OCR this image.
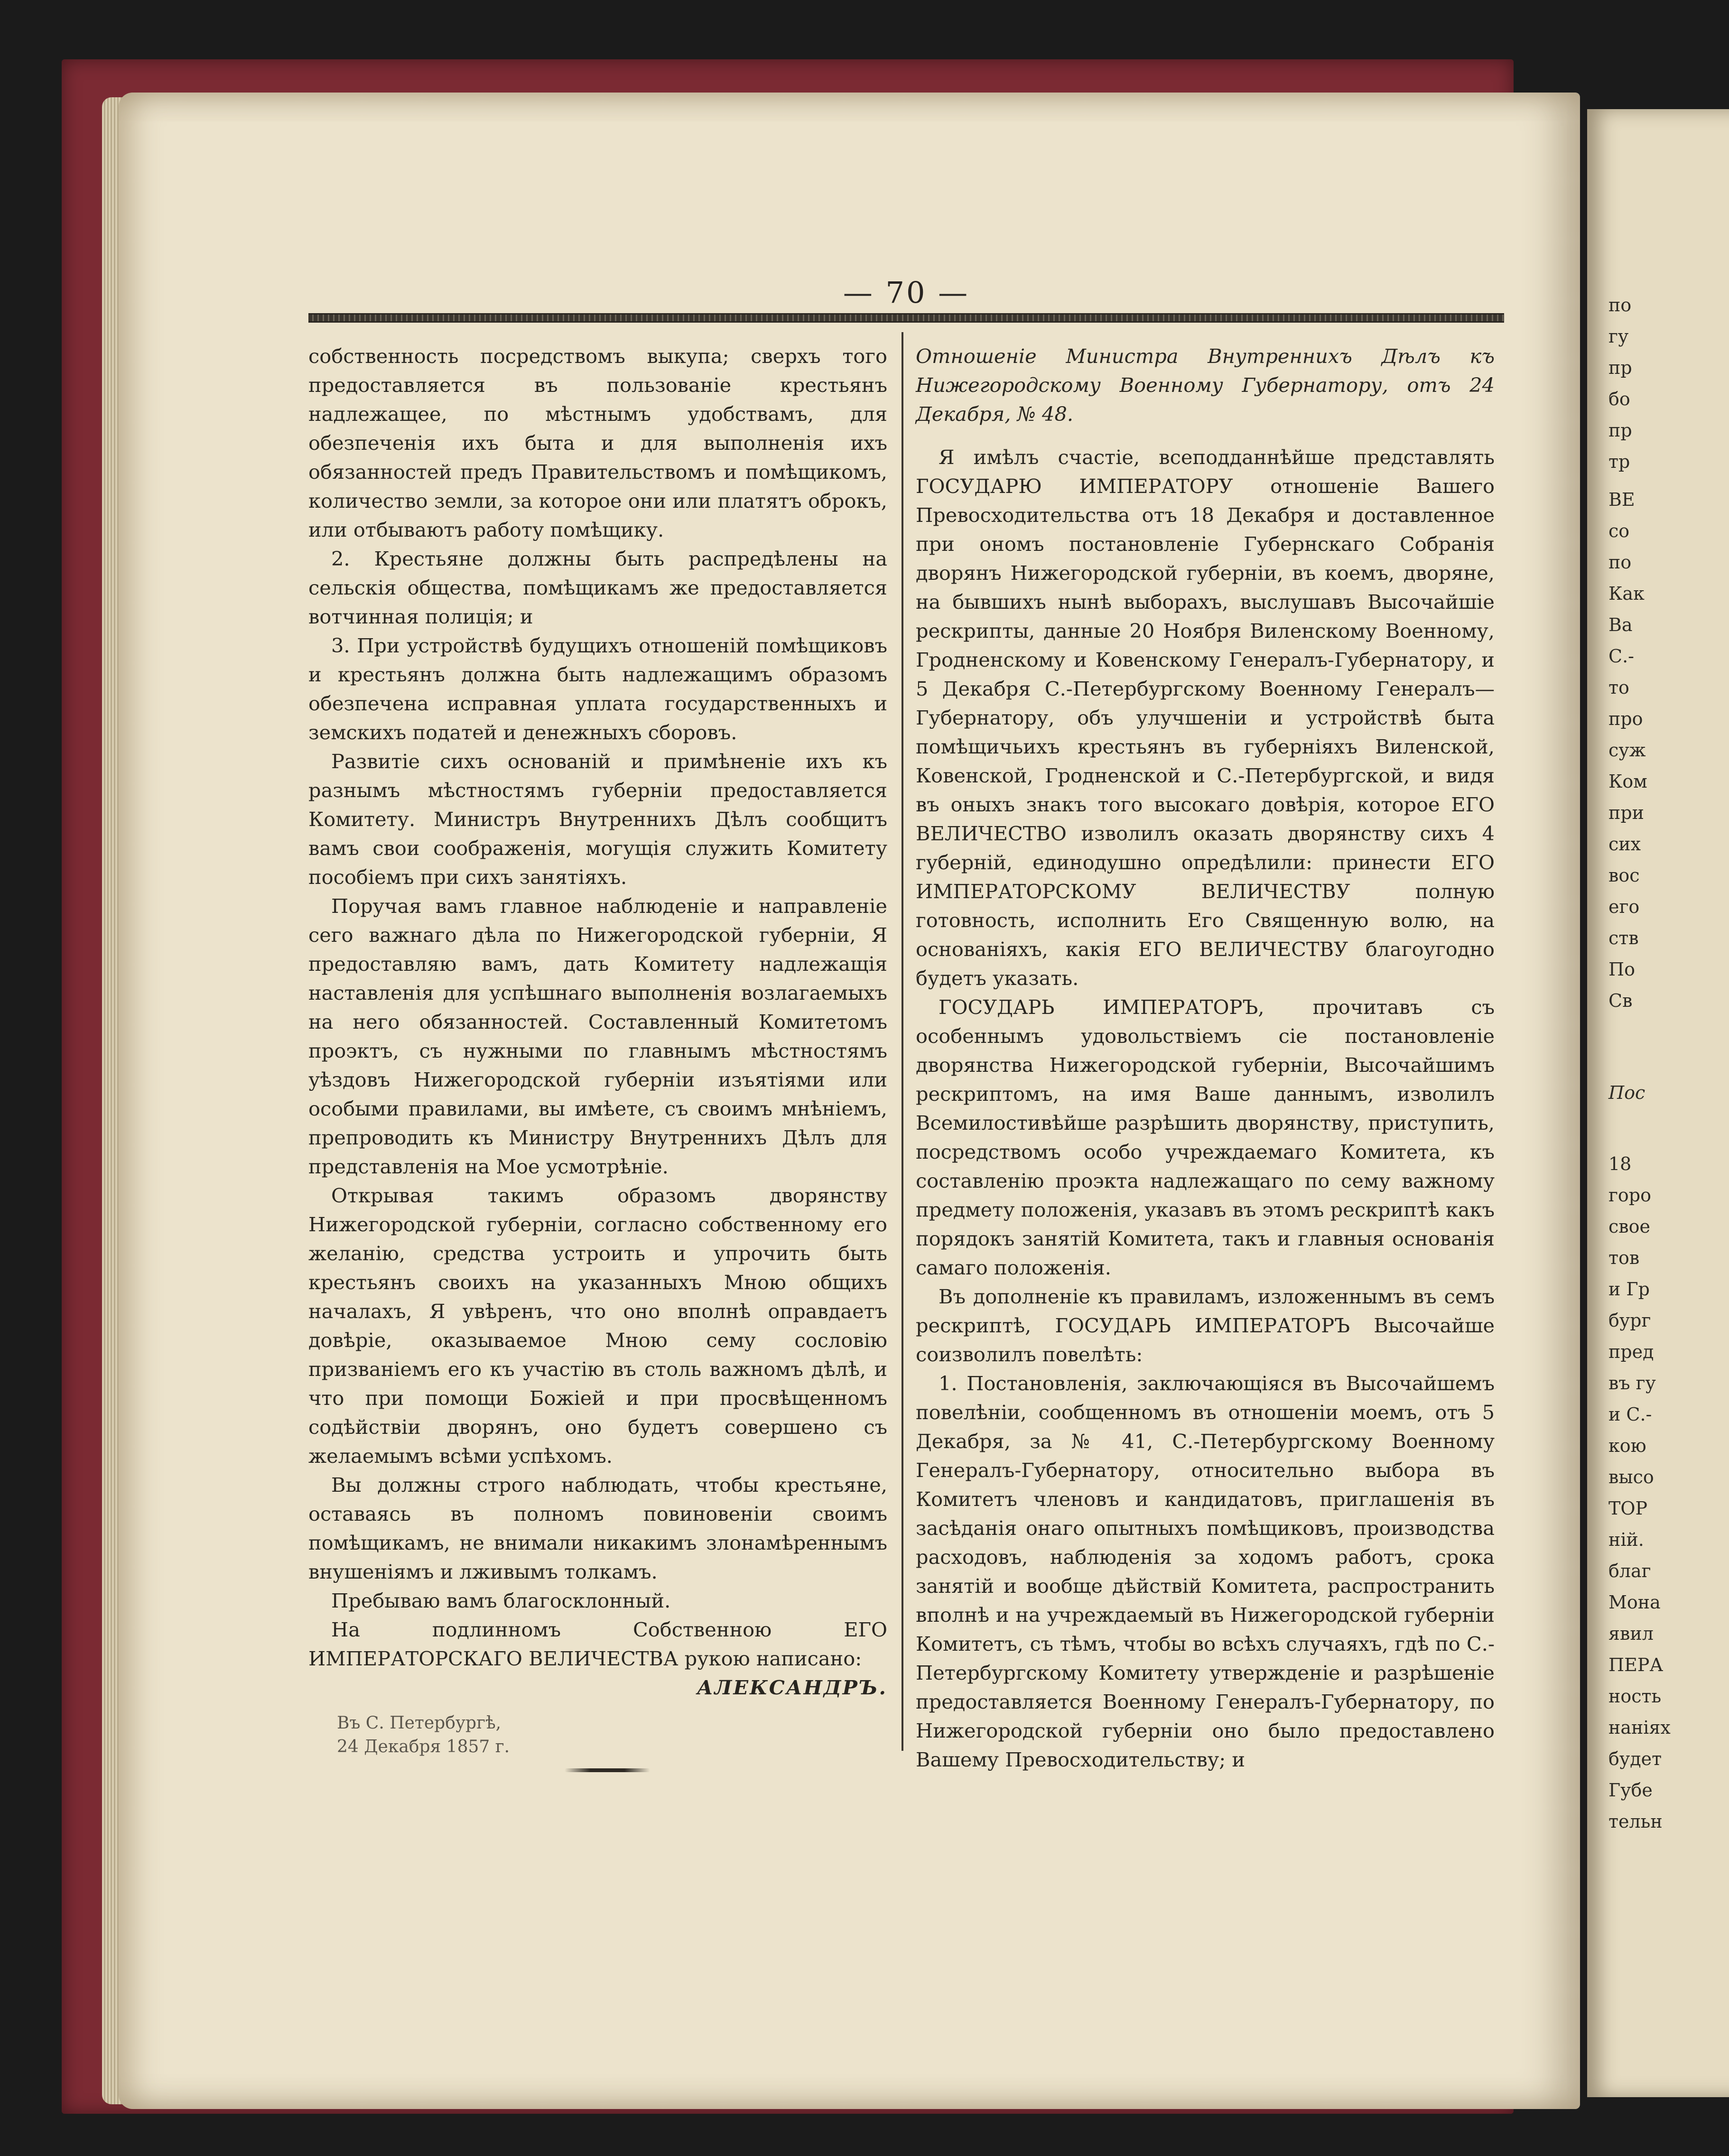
по
гу
пр
бо
пр
тр
ВЕ
со
по
Как
Ва
С.-
то
про
суж
Ком
при
сих
вос
его
ств
По
Св
Пос
18
горо
свое
тов
и Гр
бург
пред
въ гу
и С.-
кою
высо
ТОР
ній.
благ
Мона
явил
ПЕРА
ность
наніях
будет
Губе
тельн
— 70 —

собственность посредствомъ выкупа; сверхъ того предоставляется въ пользованіе крестьянъ надлежащее, по мѣстнымъ удобствамъ, для обезпеченія ихъ быта и для выполненія ихъ обязанностей предъ Правительствомъ и помѣщикомъ, количество земли, за которое они или платятъ оброкъ, или отбываютъ работу помѣщику.

2. Крестьяне должны быть распредѣлены на сельскія общества, помѣщикамъ же предоставляется вотчинная полиція; и

3. При устройствѣ будущихъ отношеній помѣщиковъ и крестьянъ должна быть надлежащимъ образомъ обезпечена исправная уплата государственныхъ и земскихъ податей и денежныхъ сборовъ.

Развитіе сихъ основаній и примѣненіе ихъ къ разнымъ мѣстностямъ губерніи предоставляется Комитету. Министръ Внутреннихъ Дѣлъ сообщитъ вамъ свои соображенія, могущія служить Комитету пособіемъ при сихъ занятіяхъ.

Поручая вамъ главное наблюденіе и направленіе сего важнаго дѣла по Нижегородской губерніи, Я предоставляю вамъ, дать Комитету надлежащія наставленія для успѣшнаго выполненія возлагаемыхъ на него обязанностей. Составленный Комитетомъ проэктъ, съ нужными по главнымъ мѣстностямъ уѣздовъ Нижегородской губерніи изъятіями или особыми правилами, вы имѣете, съ своимъ мнѣніемъ, препроводить къ Министру Внутреннихъ Дѣлъ для представленія на Мое усмотрѣніе.

Открывая такимъ образомъ дворянству Нижегородской губерніи, согласно собственному его желанію, средства устроить и упрочить быть крестьянъ своихъ на указанныхъ Мною общихъ началахъ, Я увѣренъ, что оно вполнѣ оправдаетъ довѣріе, оказываемое Мною сему сословію призваніемъ его къ участію въ столь важномъ дѣлѣ, и что при помощи Божіей и при просвѣщенномъ содѣйствіи дворянъ, оно будетъ совершено съ желаемымъ всѣми успѣхомъ.

Вы должны строго наблюдать, чтобы крестьяне, оставаясь въ полномъ повиновеніи своимъ помѣщикамъ, не внимали никакимъ злонамѣреннымъ внушеніямъ и лживымъ толкамъ.

Пребываю вамъ благосклонный.

На подлинномъ Собственною ЕГО ИМПЕРАТОРСКАГО ВЕЛИЧЕСТВА рукою написано:

АЛЕКСАНДРЪ.

Въ С. Петербургѣ,

24 Декабря 1857 г.

Отношеніе Министра Внутреннихъ Дѣлъ къ Нижегородскому Военному Губернатору, отъ 24 Декабря, № 48.

Я имѣлъ счастіе, всеподданнѣйше представлять ГОСУДАРЮ ИМПЕРАТОРУ отношеніе Вашего Превосходительства отъ 18 Декабря и доставленное при ономъ постановленіе Губернскаго Собранія дворянъ Нижегородской губерніи, въ коемъ, дворяне, на бывшихъ нынѣ выборахъ, выслушавъ Высочайшіе рескрипты, данные 20 Ноября Виленскому Военному, Гродненскому и Ковенскому Генералъ-Губернатору, и 5 Декабря С.-Петербургскому Военному Генералъ—Губернатору, объ улучшеніи и устройствѣ быта помѣщичьихъ крестьянъ въ губерніяхъ Виленской, Ковенской, Гродненской и С.-Петербургской, и видя въ оныхъ знакъ того высокаго довѣрія, которое ЕГО ВЕЛИЧЕСТВО изволилъ оказать дворянству сихъ 4 губерній, единодушно опредѣлили: принести ЕГО ИМПЕРАТОРСКОМУ ВЕЛИЧЕСТВУ полную готовность, исполнить Его Священную волю, на основаніяхъ, какія ЕГО ВЕЛИЧЕСТВУ благоугодно будетъ указать.

ГОСУДАРЬ ИМПЕРАТОРЪ, прочитавъ съ особеннымъ удовольствіемъ сіе постановленіе дворянства Нижегородской губерніи, Высочайшимъ рескриптомъ, на имя Ваше даннымъ, изволилъ Всемилостивѣйше разрѣшить дворянству, приступить, посредствомъ особо учреждаемаго Комитета, къ составленію проэкта надлежащаго по сему важному предмету положенія, указавъ въ этомъ рескриптѣ какъ порядокъ занятій Комитета, такъ и главныя основанія самаго положенія.

Въ дополненіе къ правиламъ, изложеннымъ въ семъ рескриптѣ, ГОСУДАРЬ ИМПЕРАТОРЪ Высочайше соизволилъ повелѣть:

1. Постановленія, заключающіяся въ Высочайшемъ повелѣніи, сообщенномъ въ отношеніи моемъ, отъ 5 Декабря, за № 41, С.-Петербургскому Военному Генералъ-Губернатору, относительно выбора въ Комитетъ членовъ и кандидатовъ, приглашенія въ засѣданія онаго опытныхъ помѣщиковъ, производства расходовъ, наблюденія за ходомъ работъ, срока занятій и вообще дѣйствій Комитета, распространить вполнѣ и на учреждаемый въ Нижегородской губерніи Комитетъ, съ тѣмъ, чтобы во всѣхъ случаяхъ, гдѣ по С.-Петербургскому Комитету утвержденіе и разрѣшеніе предоставляется Военному Генералъ-Губернатору, по Нижегородской губерніи оно было предоставлено Вашему Превосходительству; и
